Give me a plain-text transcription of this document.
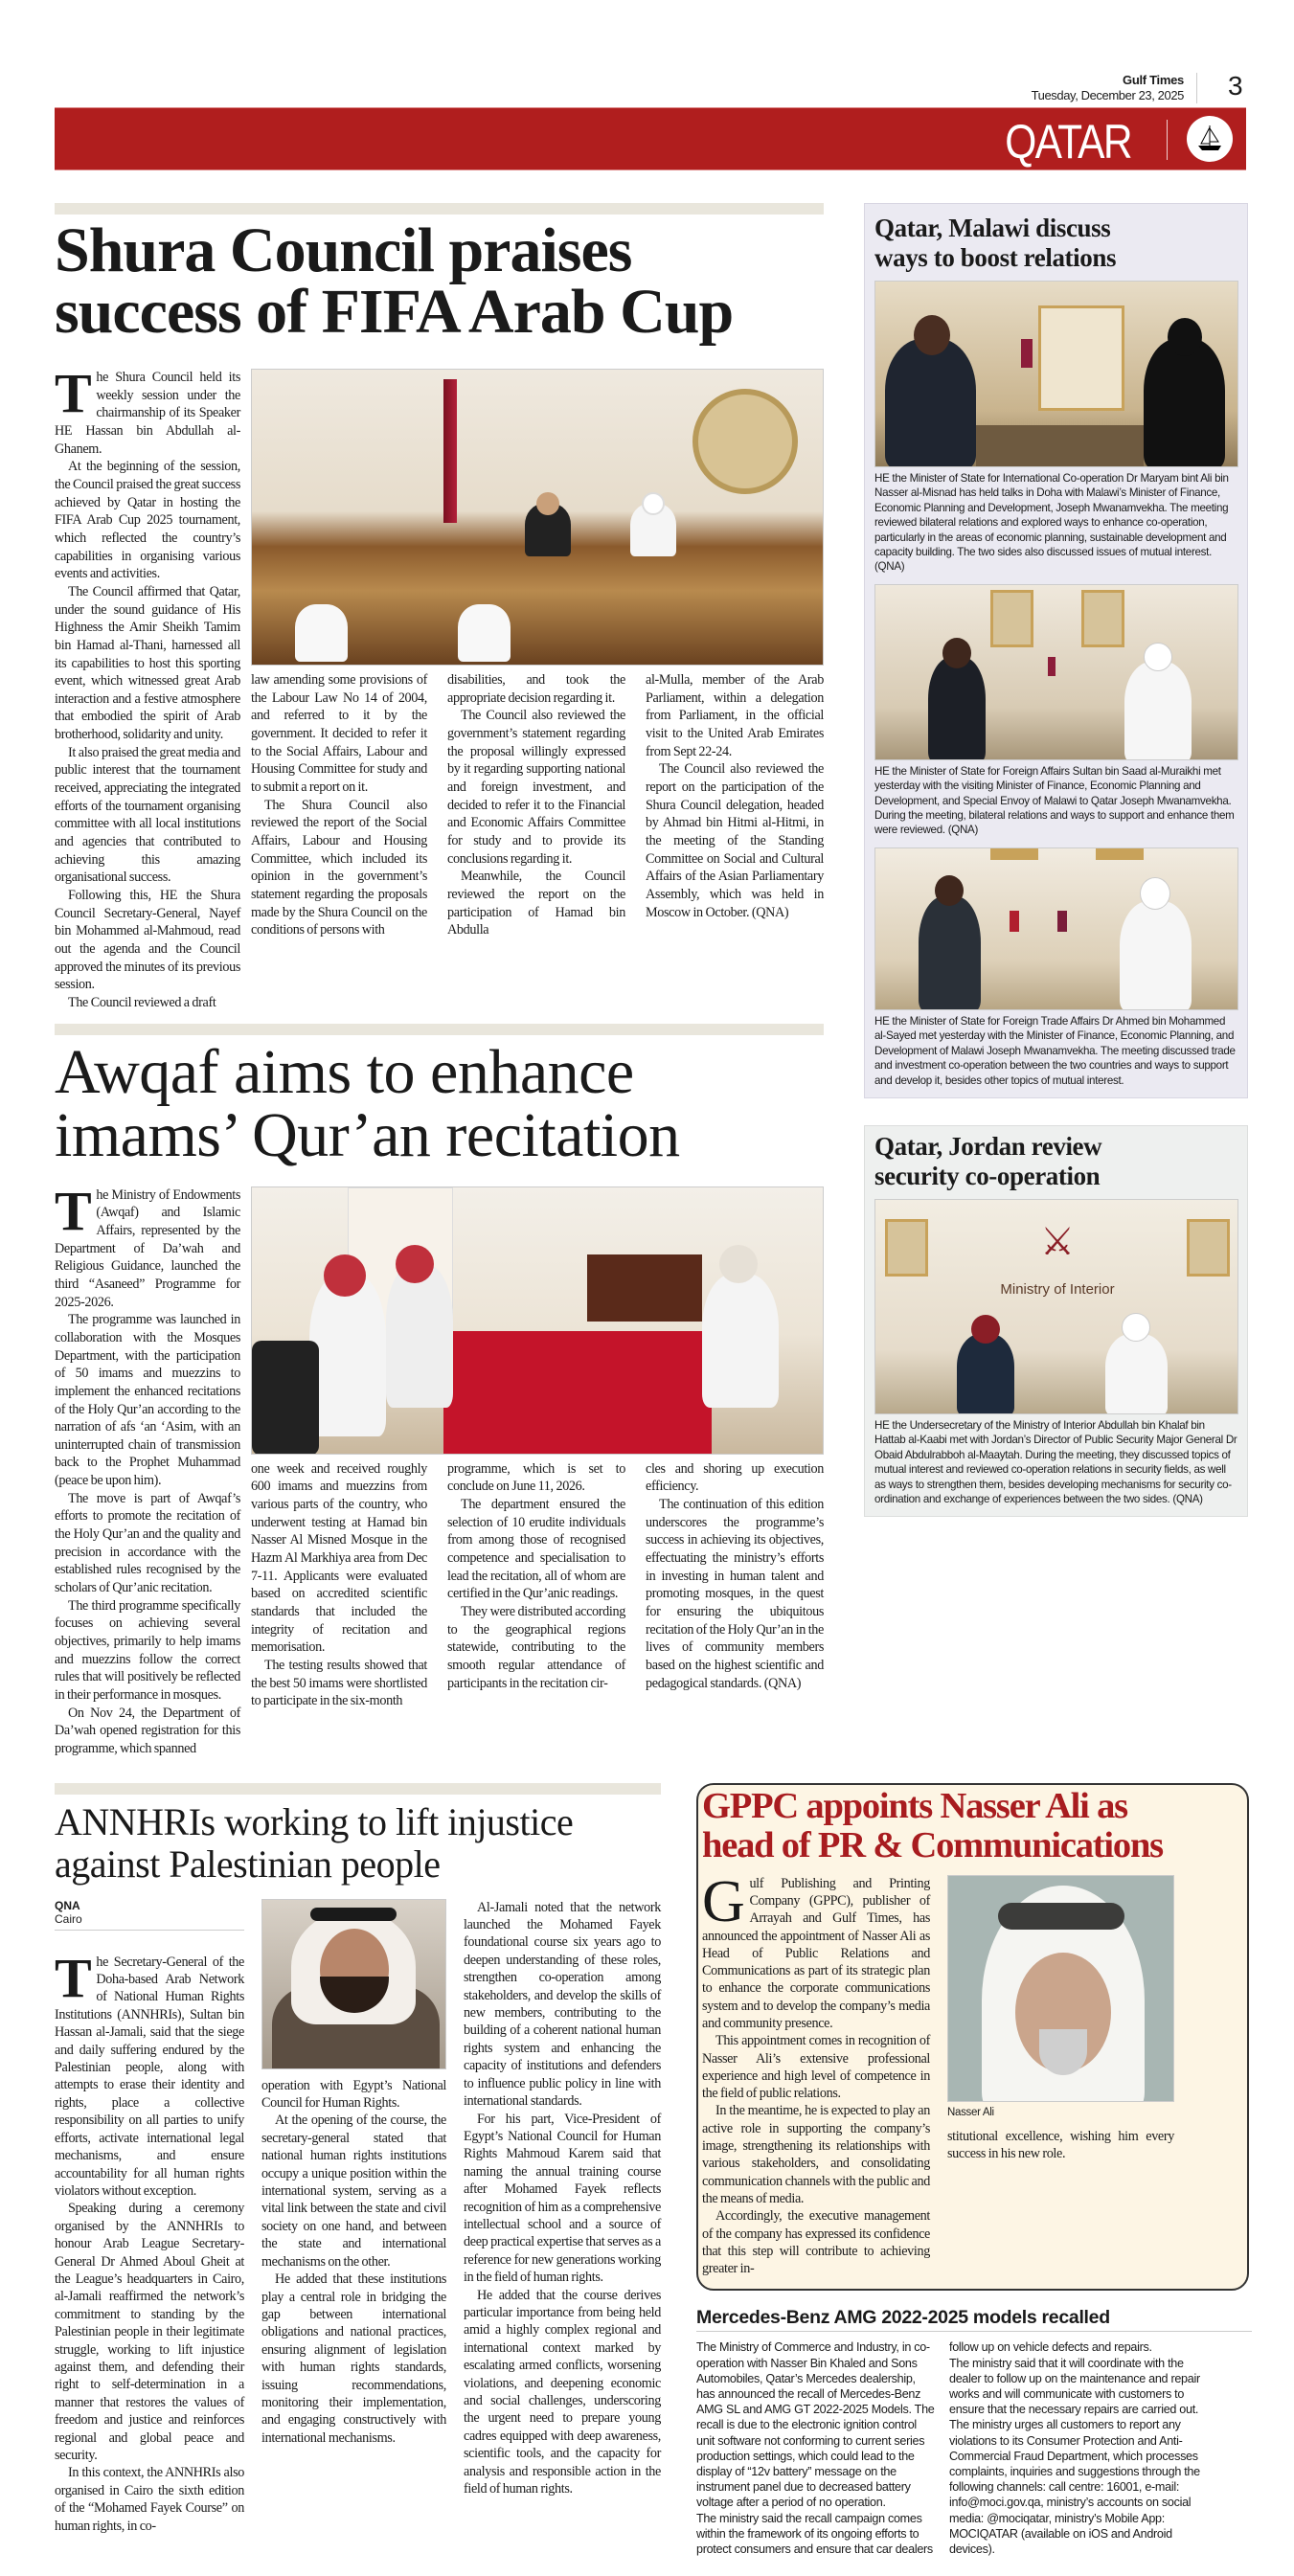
Gulf Times
Tuesday, December 23, 2025 3
QATAR
Shura Council praises
success of FIFA Arab Cup

The Shura Council held its weekly session under the chairmanship of its Speaker HE Hassan bin Abdullah al-Ghanem.

At the beginning of the session, the Council praised the great success achieved by Qatar in hosting the FIFA Arab Cup 2025 tournament, which reflected the country’s capabilities in organising various events and activities.

The Council affirmed that Qatar, under the sound guidance of His Highness the Amir Sheikh Tamim bin Hamad al-Thani, harnessed all its capabilities to host this sporting event, which witnessed great Arab interaction and a festive atmosphere that embodied the spirit of Arab brotherhood, solidarity and unity.

It also praised the great media and public interest that the tournament received, appreciating the integrated efforts of the tournament organising committee with all local institutions and agencies that contributed to achieving this amazing organisational success.

Following this, HE the Shura Council Secretary-General, Nayef bin Mohammed al-Mahmoud, read out the agenda and the Council approved the minutes of its previous session.

The Council reviewed a draft

law amending some provisions of the Labour Law No 14 of 2004, and referred to it by the government. It decided to refer it to the Social Affairs, Labour and Housing Committee for study and to submit a report on it.

The Shura Council also reviewed the report of the Social Affairs, Labour and Housing Committee, which included its opinion in the government’s statement regarding the proposals made by the Shura Council on the conditions of persons with

disabilities, and took the appropriate decision regarding it.

The Council also reviewed the government’s statement regarding the proposal willingly expressed by it regarding supporting national and foreign investment, and decided to refer it to the Financial and Economic Affairs Committee for study and to provide its conclusions regarding it.

Meanwhile, the Council reviewed the report on the participation of Hamad bin Abdulla

al-Mulla, member of the Arab Parliament, within a delegation from Parliament, in the official visit to the United Arab Emirates from Sept 22-24.

The Council also reviewed the report on the participation of the Shura Council delegation, headed by Ahmad bin Hitmi al-Hitmi, in the meeting of the Standing Committee on Social and Cultural Affairs of the Asian Parliamentary Assembly, which was held in Moscow in October. (QNA)

Awqaf aims to enhance
imams’ Qur’an recitation

The Ministry of Endowments (Awqaf) and Islamic Affairs, represented by the Department of Da’wah and Religious Guidance, launched the third “Asaneed” Programme for 2025-2026.

The programme was launched in collaboration with the Mosques Department, with the participation of 50 imams and muezzins to implement the enhanced recitations of the Holy Qur’an according to the narration of afs ‘an ‘Asim, with an uninterrupted chain of transmission back to the Prophet Muhammad (peace be upon him).

The move is part of Awqaf’s efforts to promote the recitation of the Holy Qur’an and the quality and precision in accordance with the established rules recognised by the scholars of Qur’anic recitation.

The third programme specifically focuses on achieving several objectives, primarily to help imams and muezzins follow the correct rules that will positively be reflected in their performance in mosques.

On Nov 24, the Department of Da’wah opened registration for this programme, which spanned

one week and received roughly 600 imams and muezzins from various parts of the country, who underwent testing at Hamad bin Nasser Al Misned Mosque in the Hazm Al Markhiya area from Dec 7-11. Applicants were evaluated based on accredited scientific standards that included the integrity of recitation and memorisation.

The testing results showed that the best 50 imams were shortlisted to participate in the six-month

programme, which is set to conclude on June 11, 2026.

The department ensured the selection of 10 erudite individuals from among those of recognised competence and specialisation to lead the recitation, all of whom are certified in the Qur’anic readings.

They were distributed according to the geographical regions statewide, contributing to the smooth regular attendance of participants in the recitation cir-

cles and shoring up execution efficiency.

The continuation of this edition underscores the programme’s success in achieving its objectives, effectuating the ministry’s efforts in investing in human talent and promoting mosques, in the quest for ensuring the ubiquitous recitation of the Holy Qur’an in the lives of community members based on the highest scientific and pedagogical standards. (QNA)

Qatar, Malawi discuss
ways to boost relations
HE the Minister of State for International Co-operation Dr Maryam bint Ali bin Nasser al-Misnad has held talks in Doha with Malawi’s Minister of Finance, Economic Planning and Development, Joseph Mwanamvekha. The meeting reviewed bilateral relations and explored ways to enhance co-operation, particularly in the areas of economic planning, sustainable development and capacity building. The two sides also discussed issues of mutual interest. (QNA)
HE the Minister of State for Foreign Affairs Sultan bin Saad al-Muraikhi met yesterday with the visiting Minister of Finance, Economic Planning and Development, and Special Envoy of Malawi to Qatar Joseph Mwanamvekha. During the meeting, bilateral relations and ways to support and enhance them were reviewed. (QNA)
HE the Minister of State for Foreign Trade Affairs Dr Ahmed bin Mohammed al-Sayed met yesterday with the Minister of Finance, Economic Planning, and Development of Malawi Joseph Mwanamvekha. The meeting discussed trade and investment co-operation between the two countries and ways to support and develop it, besides other topics of mutual interest.
Qatar, Jordan review
security co-operation
⚔
Ministry of Interior
HE the Undersecretary of the Ministry of Interior Abdullah bin Khalaf bin Hattab al-Kaabi met with Jordan’s Director of Public Security Major General Dr Obaid Abdulrabboh al-Maaytah. During the meeting, they discussed topics of mutual interest and reviewed co-operation relations in security fields, as well as ways to strengthen them, besides developing mechanisms for security co-ordination and exchange of experiences between the two sides. (QNA)
ANNHRIs working to lift injustice
against Palestinian people
QNA
Cairo

The Secretary-General of the Doha-based Arab Network of National Human Rights Institutions (ANNHRIs), Sultan bin Hassan al-Jamali, said that the siege and daily suffering endured by the Palestinian people, along with attempts to erase their identity and rights, place a collective responsibility on all parties to unify efforts, activate international legal mechanisms, and ensure accountability for all human rights violators without exception.

Speaking during a ceremony organised by the ANNHRIs to honour Arab League Secretary-General Dr Ahmed Aboul Gheit at the League’s headquarters in Cairo, al-Jamali reaffirmed the network’s commitment to standing by the Palestinian people in their legitimate struggle, working to lift injustice against them, and defending their right to self-determination in a manner that restores the values of freedom and justice and reinforces regional and global peace and security.

In this context, the ANNHRIs also organised in Cairo the sixth edition of the “Mohamed Fayek Course” on human rights, in co-

operation with Egypt’s National Council for Human Rights.

At the opening of the course, the secretary-general stated that national human rights institutions occupy a unique position within the international system, serving as a vital link between the state and civil society on one hand, and between the state and international mechanisms on the other.

He added that these institutions play a central role in bridging the gap between international obligations and national practices, ensuring alignment of legislation with human rights standards, issuing recommendations, monitoring their implementation, and engaging constructively with international mechanisms.

Al-Jamali noted that the network launched the Mohamed Fayek foundational course six years ago to deepen understanding of these roles, strengthen co-operation among stakeholders, and develop the skills of new members, contributing to the building of a coherent national human rights system and enhancing the capacity of institutions and defenders to influence public policy in line with international standards.

For his part, Vice-President of Egypt’s National Council for Human Rights Mahmoud Karem said that naming the annual training course after Mohamed Fayek reflects recognition of him as a comprehensive intellectual school and a source of deep practical expertise that serves as a reference for new generations working in the field of human rights.

He added that the course derives particular importance from being held amid a highly complex regional and international context marked by escalating armed conflicts, worsening violations, and deepening economic and social challenges, underscoring the urgent need to prepare young cadres equipped with deep awareness, scientific tools, and the capacity for analysis and responsible action in the field of human rights.

GPPC appoints Nasser Ali as
head of PR & Communications

Gulf Publishing and Printing Company (GPPC), publisher of Arrayah and Gulf Times, has announced the appointment of Nasser Ali as Head of Public Relations and Communications as part of its strategic plan to enhance the corporate communications system and to develop the company’s media and community presence.

This appointment comes in recognition of Nasser Ali’s extensive professional experience and high level of competence in the field of public relations.

In the meantime, he is expected to play an active role in supporting the company’s image, strengthening its relationships with various stakeholders, and consolidating communication channels with the public and the means of media.

Accordingly, the executive management of the company has expressed its confidence that this step will contribute to achieving greater in-

Nasser Ali

stitutional excellence, wishing him every success in his new role.

Mercedes-Benz AMG 2022-2025 models recalled

The Ministry of Commerce and Industry, in co-operation with Nasser Bin Khaled and Sons Automobiles, Qatar’s Mercedes dealership, has announced the recall of Mercedes-Benz AMG SL and AMG GT 2022-2025 Models. The recall is due to the electronic ignition control unit software not conforming to current series production settings, which could lead to the display of “12v battery” message on the instrument panel due to decreased battery voltage after a period of no operation.

The ministry said the recall campaign comes within the framework of its ongoing efforts to protect consumers and ensure that car dealers

follow up on vehicle defects and repairs.

The ministry said that it will coordinate with the dealer to follow up on the maintenance and repair works and will communicate with customers to ensure that the necessary repairs are carried out.

The ministry urges all customers to report any violations to its Consumer Protection and Anti-Commercial Fraud Department, which processes complaints, inquiries and suggestions through the following channels: call centre: 16001, e-mail: info@moci.gov.qa, ministry’s accounts on social media: @mociqatar, ministry’s Mobile App: MOCIQATAR (available on iOS and Android devices).
